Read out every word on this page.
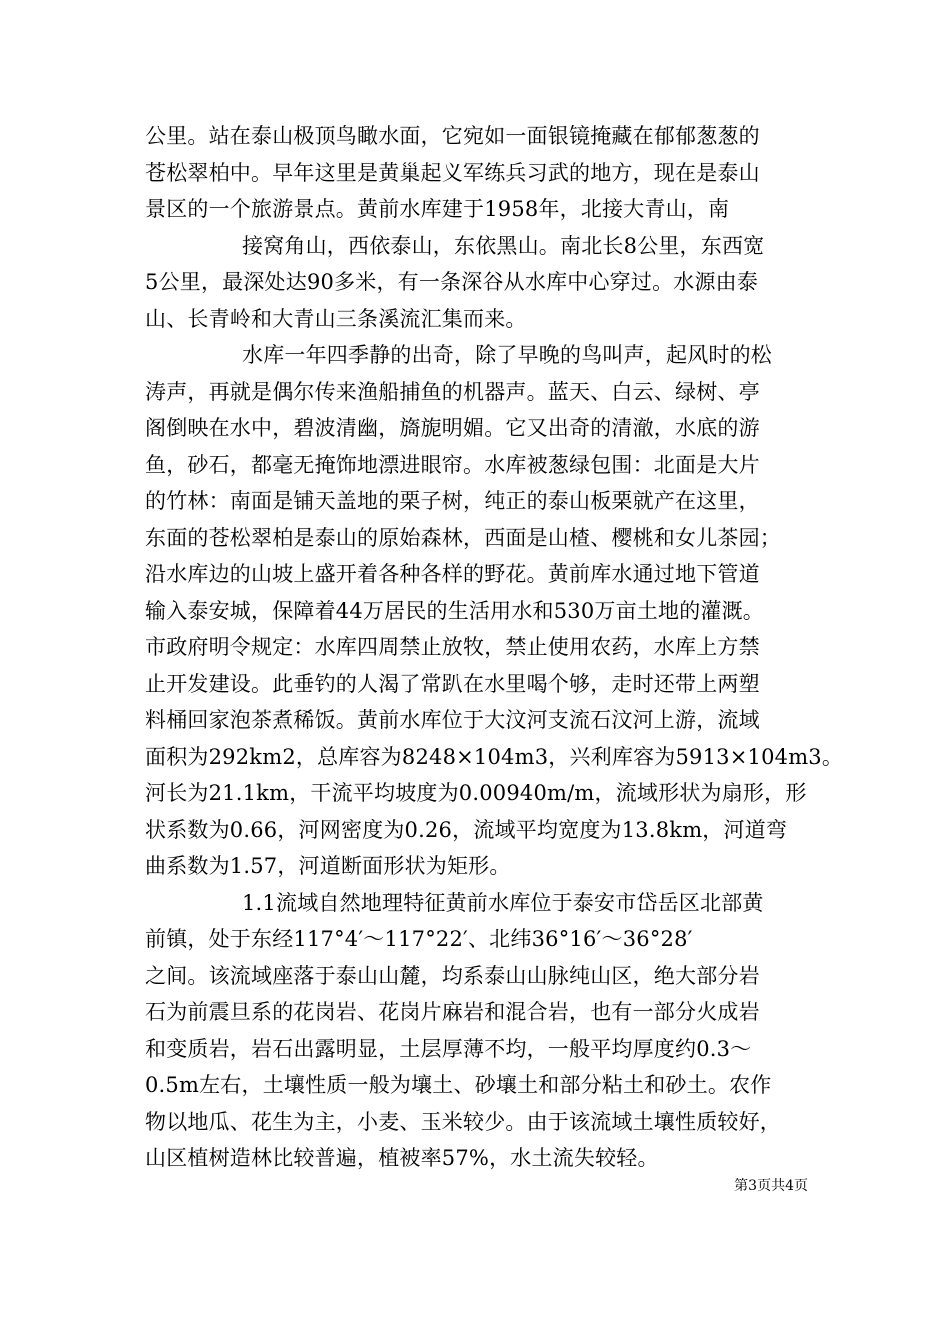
公里。站在泰山极顶鸟瞰水面，它宛如一面银镜掩藏在郁郁葱葱的
苍松翠柏中。早年这里是黄巢起义军练兵习武的地方，现在是泰山
景区的一个旅游景点。黄前水库建于1958年，北接大青山，南

接窝角山，西依泰山，东依黑山。南北长8公里，东西宽
5公里，最深处达90多米，有一条深谷从水库中心穿过。水源由泰
山、长青岭和大青山三条溪流汇集而来。

水库一年四季静的出奇，除了早晚的鸟叫声，起风时的松
涛声，再就是偶尔传来渔船捕鱼的机器声。蓝天、白云、绿树、亭
阁倒映在水中，碧波清幽，旖旎明媚。它又出奇的清澈，水底的游
鱼，砂石，都毫无掩饰地漂进眼帘。水库被葱绿包围：北面是大片
的竹林：南面是铺天盖地的栗子树，纯正的泰山板栗就产在这里，
东面的苍松翠柏是泰山的原始森林，西面是山楂、樱桃和女儿茶园；
沿水库边的山坡上盛开着各种各样的野花。黄前库水通过地下管道
输入泰安城，保障着44万居民的生活用水和530万亩土地的灌溉。
市政府明令规定：水库四周禁止放牧，禁止使用农药，水库上方禁
止开发建设。此垂钓的人渴了常趴在水里喝个够，走时还带上两塑
料桶回家泡茶煮稀饭。黄前水库位于大汶河支流石汶河上游，流域
面积为292km2，总库容为8248×104m3，兴利库容为5913×104m3。
河长为21.1km，干流平均坡度为0.00940m/m，流域形状为扇形，形
状系数为0.66，河网密度为0.26，流域平均宽度为13.8km，河道弯
曲系数为1.57，河道断面形状为矩形。

1.1流域自然地理特征黄前水库位于泰安市岱岳区北部黄
前镇，处于东经117°4′～117°22′、北纬36°16′～36°28′
之间。该流域座落于泰山山麓，均系泰山山脉纯山区，绝大部分岩
石为前震旦系的花岗岩、花岗片麻岩和混合岩，也有一部分火成岩
和变质岩，岩石出露明显，土层厚薄不均，一般平均厚度约0.3～
0.5m左右，土壤性质一般为壤土、砂壤土和部分粘土和砂土。农作
物以地瓜、花生为主，小麦、玉米较少。由于该流域土壤性质较好，
山区植树造林比较普遍，植被率57%，水土流失较轻。

第3页共4页
